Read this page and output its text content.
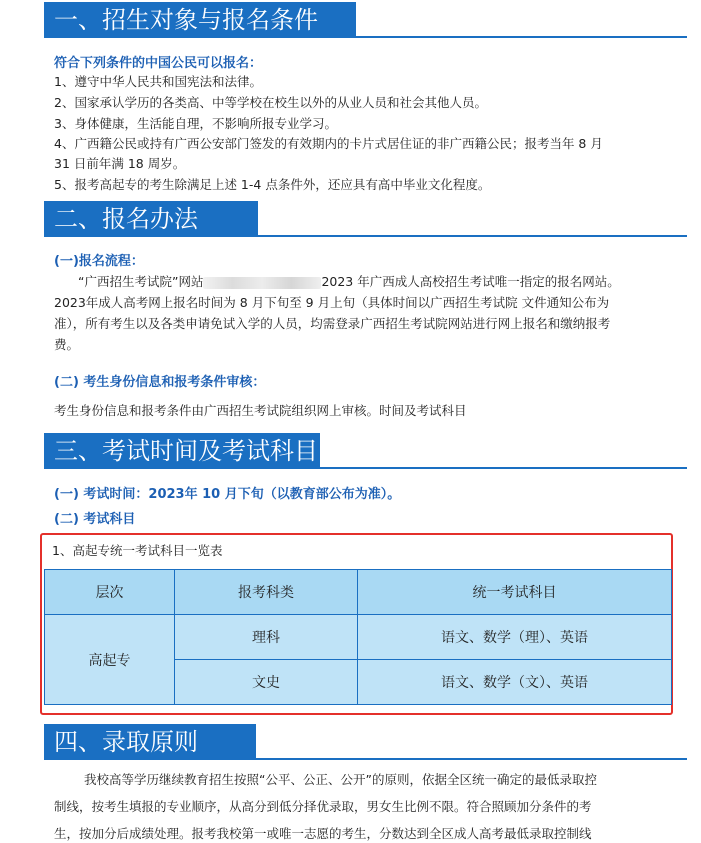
一、招生对象与报名条件
符合下列条件的中国公民可以报名：
1、遵守中华人民共和国宪法和法律。
2、国家承认学历的各类高、中等学校在校生以外的从业人员和社会其他人员。
3、身体健康，生活能自理，不影响所报专业学习。
4、广西籍公民或持有广西公安部门签发的有效期内的卡片式居住证的非广西籍公民；报考当年 8 月
31 日前年满 18 周岁。
5、报考高起专的考生除满足上述 1-4 点条件外，还应具有高中毕业文化程度。
二、报名办法
(一)报名流程：
“广西招生考试院”网站	2023 年广西成人高校招生考试唯一指定的报名网站。
2023年成人高考网上报名时间为 8 月下旬至 9 月上旬（具体时间以广西招生考试院 文件通知公布为
准），所有考生以及各类申请免试入学的人员，均需登录广西招生考试院网站进行网上报名和缴纳报考
费。
(二) 考生身份信息和报考条件审核：
考生身份信息和报考条件由广西招生考试院组织网上审核。时间及考试科目
三、考试时间及考试科目
(一) 考试时间：2023年 10 月下旬（以教育部公布为准）。
(二) 考试科目
1、高起专统一考试科目一览表
层次	报考科类	统一考试科目
高起专	理科	语文、数学（理）、英语
	文史	语文、数学（文）、英语
四、录取原则
我校高等学历继续教育招生按照“公平、公正、公开”的原则，依据全区统一确定的最低录取控
制线，按考生填报的专业顺序，从高分到低分择优录取，男女生比例不限。符合照顾加分条件的考
生，按加分后成绩处理。报考我校第一或唯一志愿的考生，分数达到全区成人高考最低录取控制线
